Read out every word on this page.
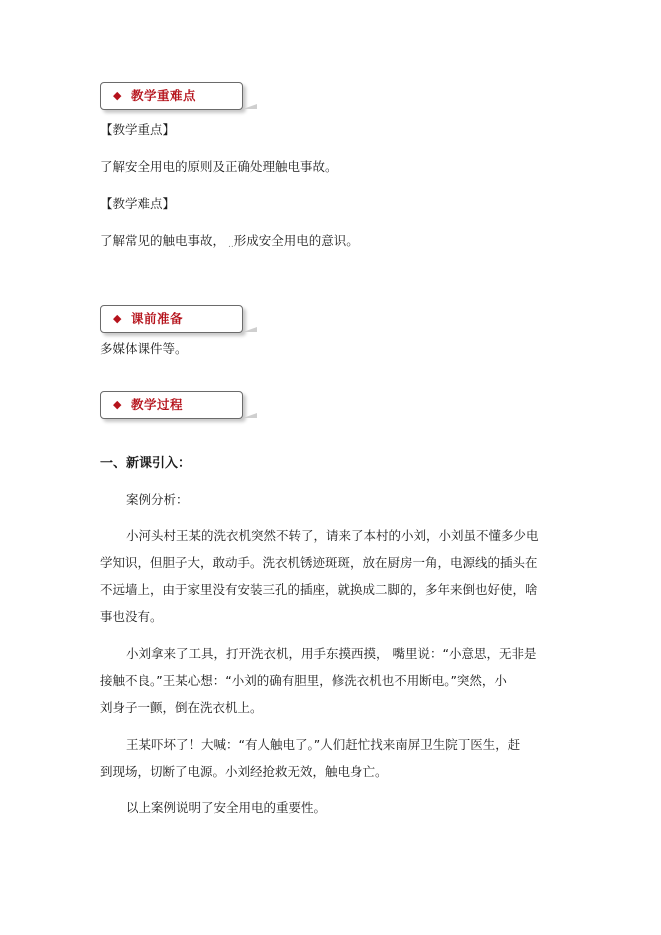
◆ 教学重难点
【教学重点】
了解安全用电的原则及正确处理触电事故。
【教学难点】
了解常见的触电事故， ..形成安全用电的意识。
◆ 课前准备
多媒体课件等。
◆ 教学过程
一、新课引入：
案例分析：
小河头村王某的洗衣机突然不转了，请来了本村的小刘，小刘虽不懂多少电
学知识，但胆子大，敢动手。洗衣机锈迹斑斑，放在厨房一角，电源线的插头在
不远墙上，由于家里没有安装三孔的插座，就换成二脚的，多年来倒也好使，啥
事也没有。
小刘拿来了工具，打开洗衣机，用手东摸西摸， 嘴里说：“小意思，无非是
接触不良。”王某心想：“小刘的确有胆里，修洗衣机也不用断电。”突然，小
刘身子一颤，倒在洗衣机上。
王某吓坏了！大喊：“有人触电了。”人们赶忙找来南屏卫生院丁医生，赶
到现场，切断了电源。小刘经抢救无效，触电身亡。
以上案例说明了安全用电的重要性。
